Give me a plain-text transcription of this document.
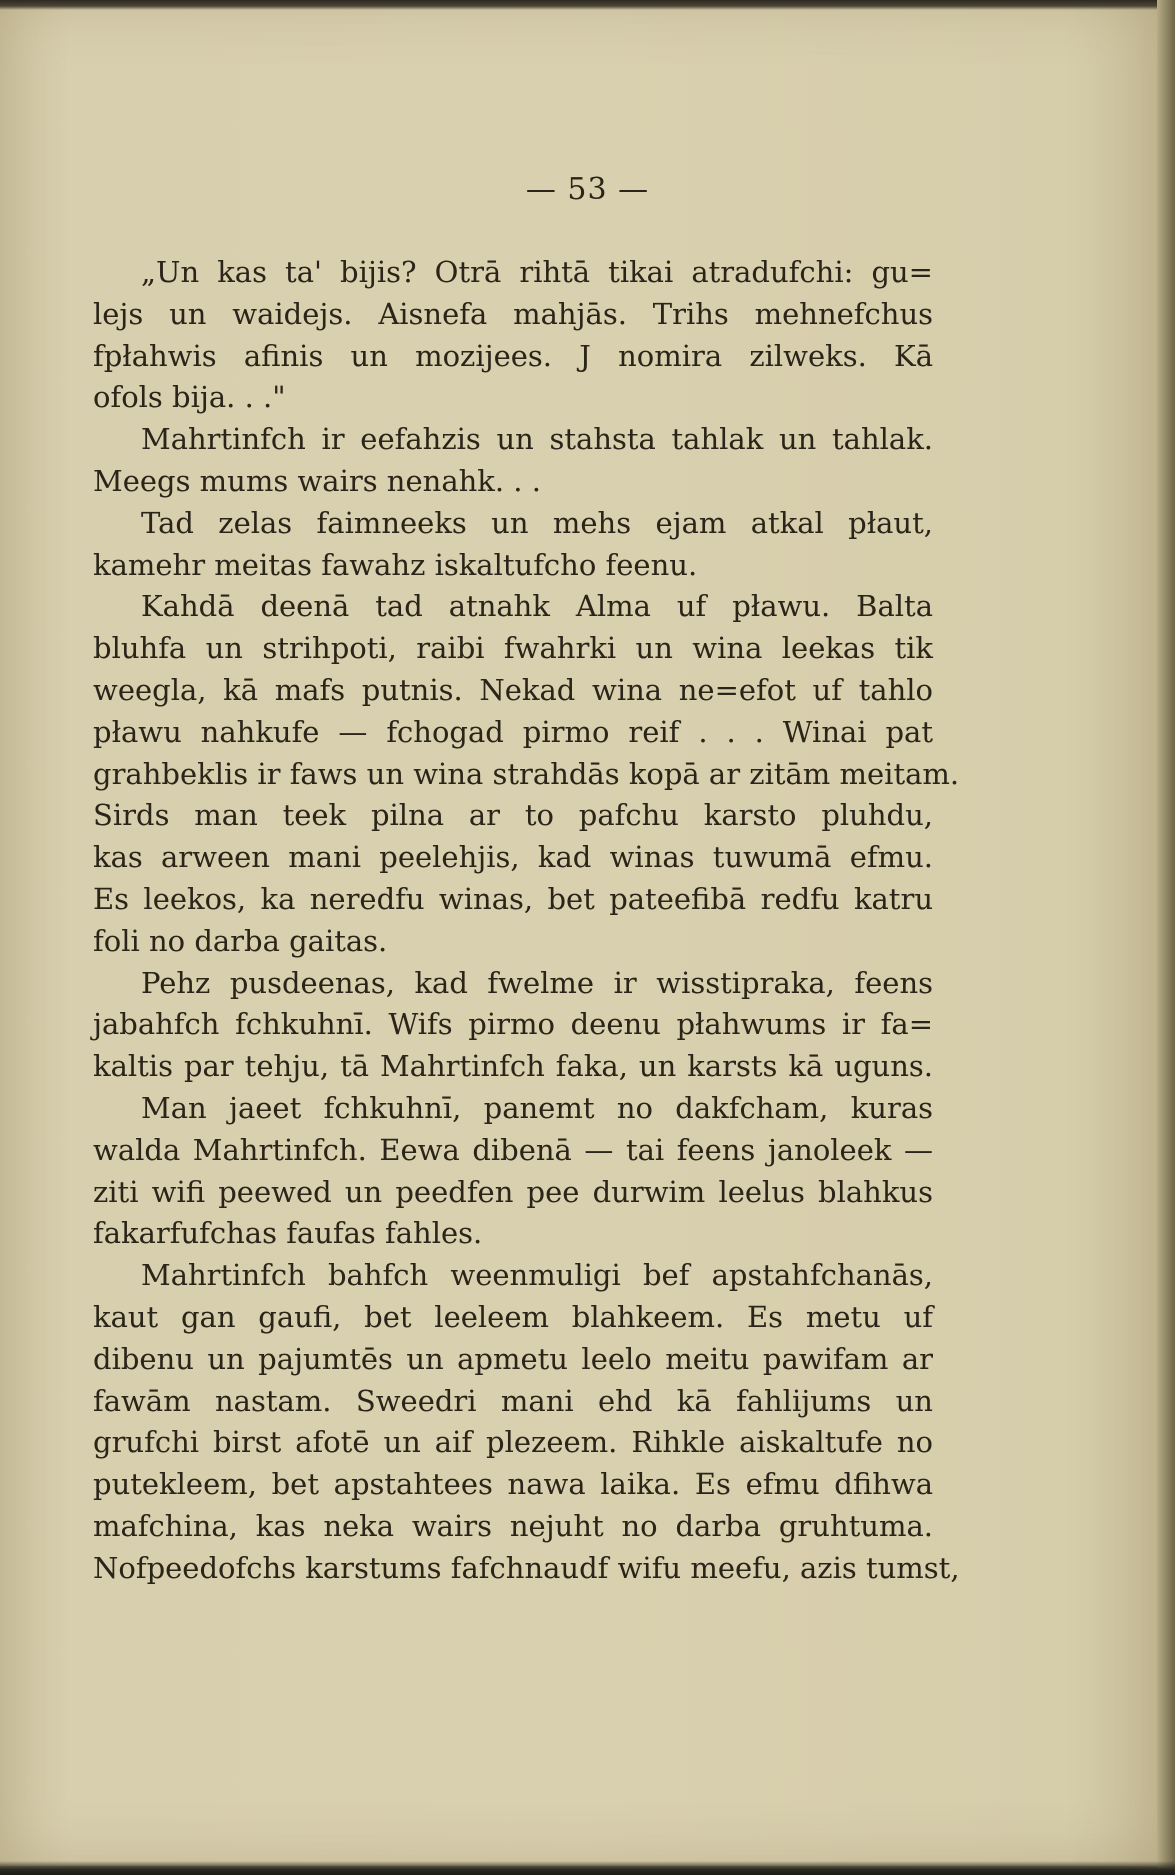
— 53 —
„Un kas ta' bijis? Otrā rihtā tikai atradufchi: gu=
lejs un waidejs. Aisnefa mahjās. Trihs mehnefchus
fpłahwis afinis un mozijees. J nomira zilweks. Kā
ofols bija. . ."
Mahrtinfch ir eefahzis un stahsta tahlak un tahlak.
Meegs mums wairs nenahk. . .
Tad zelas faimneeks un mehs ejam atkal płaut,
kamehr meitas fawahz iskaltufcho feenu.
Kahdā deenā tad atnahk Alma uf pławu. Balta
bluhfa un strihpoti, raibi fwahrki un wina leekas tik
weegla, kā mafs putnis. Nekad wina ne=efot uf tahlo
pławu nahkufe — fchogad pirmo reif . . . Winai pat
grahbeklis ir faws un wina strahdās kopā ar zitām meitam.
Sirds man teek pilna ar to pafchu karsto pluhdu,
kas arween mani peelehjis, kad winas tuwumā efmu.
Es leekos, ka neredfu winas, bet pateefibā redfu katru
foli no darba gaitas.
Pehz pusdeenas, kad fwelme ir wisstipraka, feens
jabahfch fchkuhnī. Wifs pirmo deenu płahwums ir fa=
kaltis par tehju, tā Mahrtinfch faka, un karsts kā uguns.
Man jaeet fchkuhnī, panemt no dakfcham, kuras
walda Mahrtinfch. Eewa dibenā — tai feens janoleek —
ziti wifi peewed un peedfen pee durwim leelus blahkus
fakarfufchas faufas fahles.
Mahrtinfch bahfch weenmuligi bef apstahfchanās,
kaut gan gaufi, bet leeleem blahkeem. Es metu uf
dibenu un pajumtēs un apmetu leelo meitu pawifam ar
fawām nastam. Sweedri mani ehd kā fahlijums un
grufchi birst afotē un aif plezeem. Rihkle aiskaltufe no
putekleem, bet apstahtees nawa laika. Es efmu dfihwa
mafchina, kas neka wairs nejuht no darba gruhtuma.
Nofpeedofchs karstums fafchnaudf wifu meefu, azis tumst,
